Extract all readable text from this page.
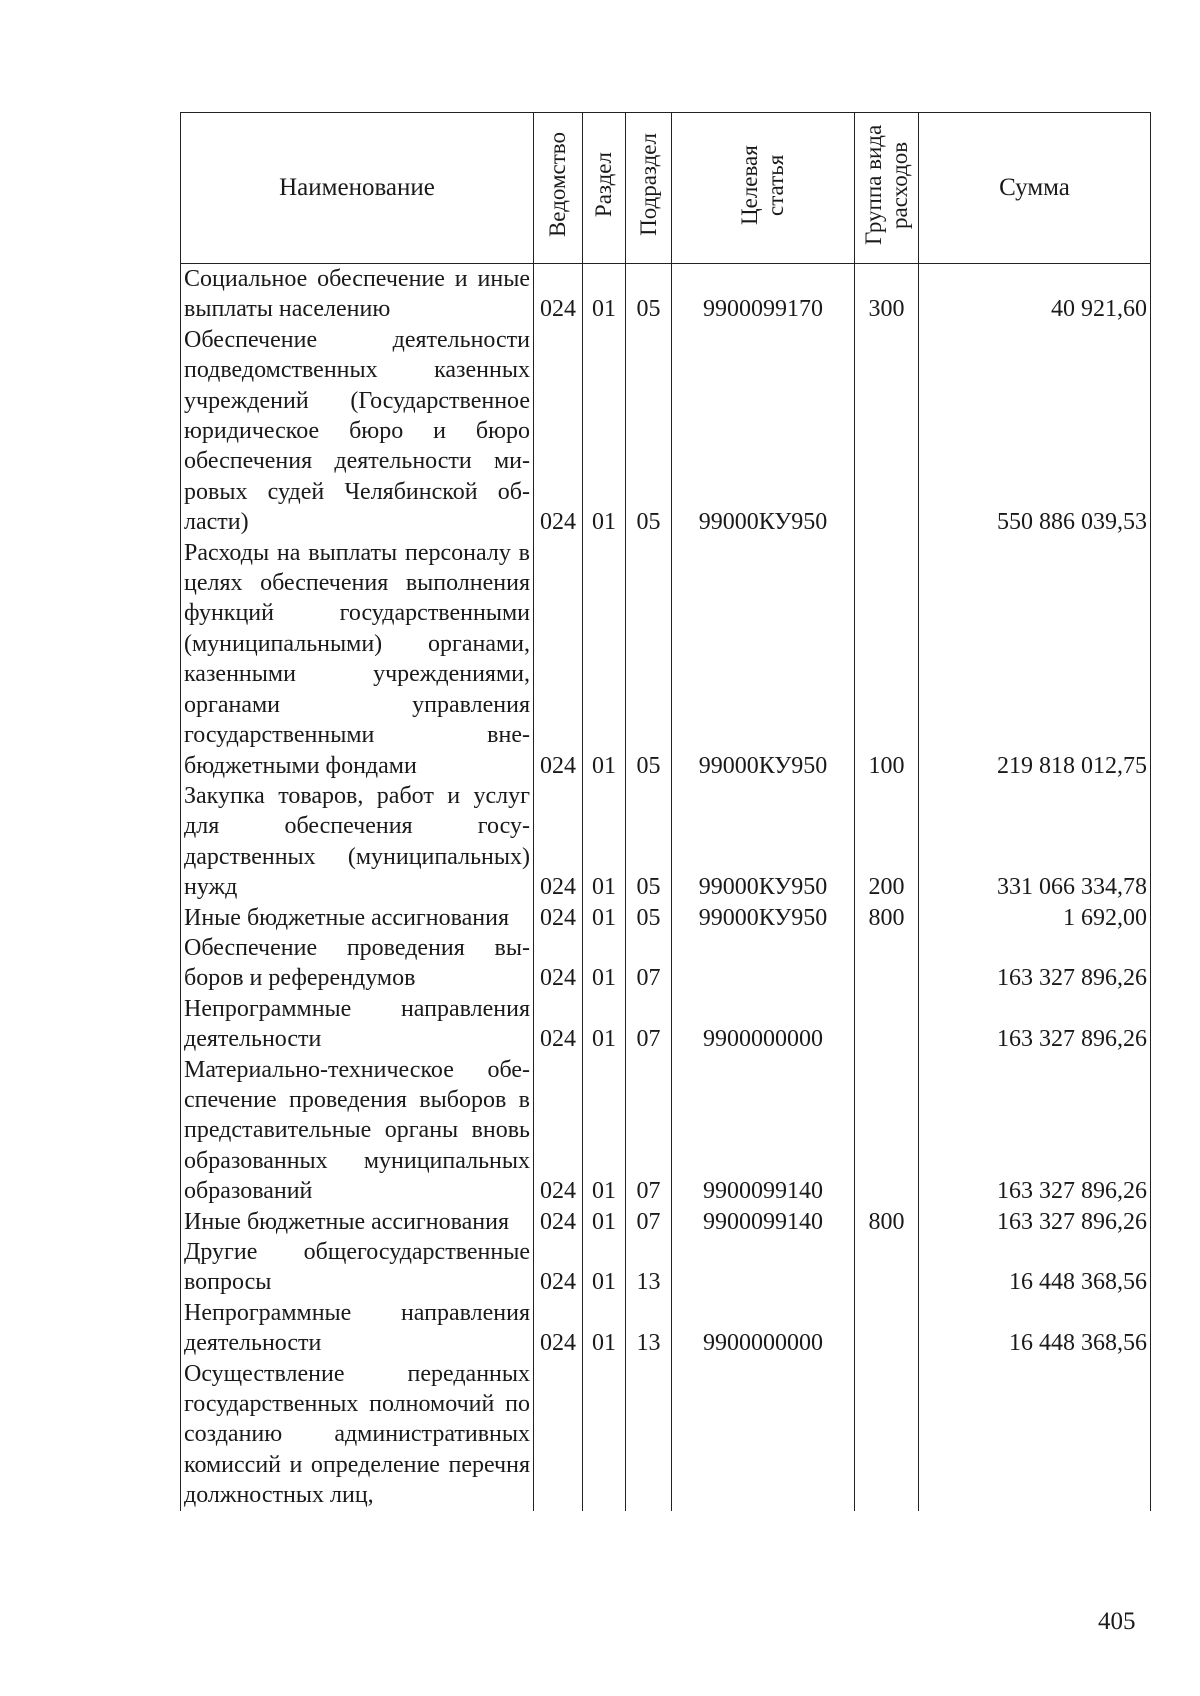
Наименование	Ведомство	Раздел	Подраздел	Целевая статья	Группа вида расходов	Сумма
Социальное обеспечение и иные выплаты населению	024	01	05	9900099170	300	40 921,60
Обеспечение деятельности подведомственных казенных учреждений (Государственное юридическое бюро и бюро обеспечения деятельности мировых судей Челябинской области)	024	01	05	99000КУ950		550 886 039,53
Расходы на выплаты персоналу в целях обеспечения выполнения функций государственными (муниципальными) органами, казенными учреждениями, органами управления государственными внебюджетными фондами	024	01	05	99000КУ950	100	219 818 012,75
Закупка товаров, работ и услуг для обеспечения государственных (муниципальных) нужд	024	01	05	99000КУ950	200	331 066 334,78
Иные бюджетные ассигнования	024	01	05	99000КУ950	800	1 692,00
Обеспечение проведения выборов и референдумов	024	01	07			163 327 896,26
Непрограммные направления деятельности	024	01	07	9900000000		163 327 896,26
Материально-техническое обеспечение проведения выборов в представительные органы вновь образованных муниципальных образований	024	01	07	9900099140		163 327 896,26
Иные бюджетные ассигнования	024	01	07	9900099140	800	163 327 896,26
Другие общегосударственные вопросы	024	01	13			16 448 368,56
Непрограммные направления деятельности	024	01	13	9900000000		16 448 368,56
Осуществление переданных государственных полномочий по созданию административных комиссий и определение перечня должностных лиц,						
405
